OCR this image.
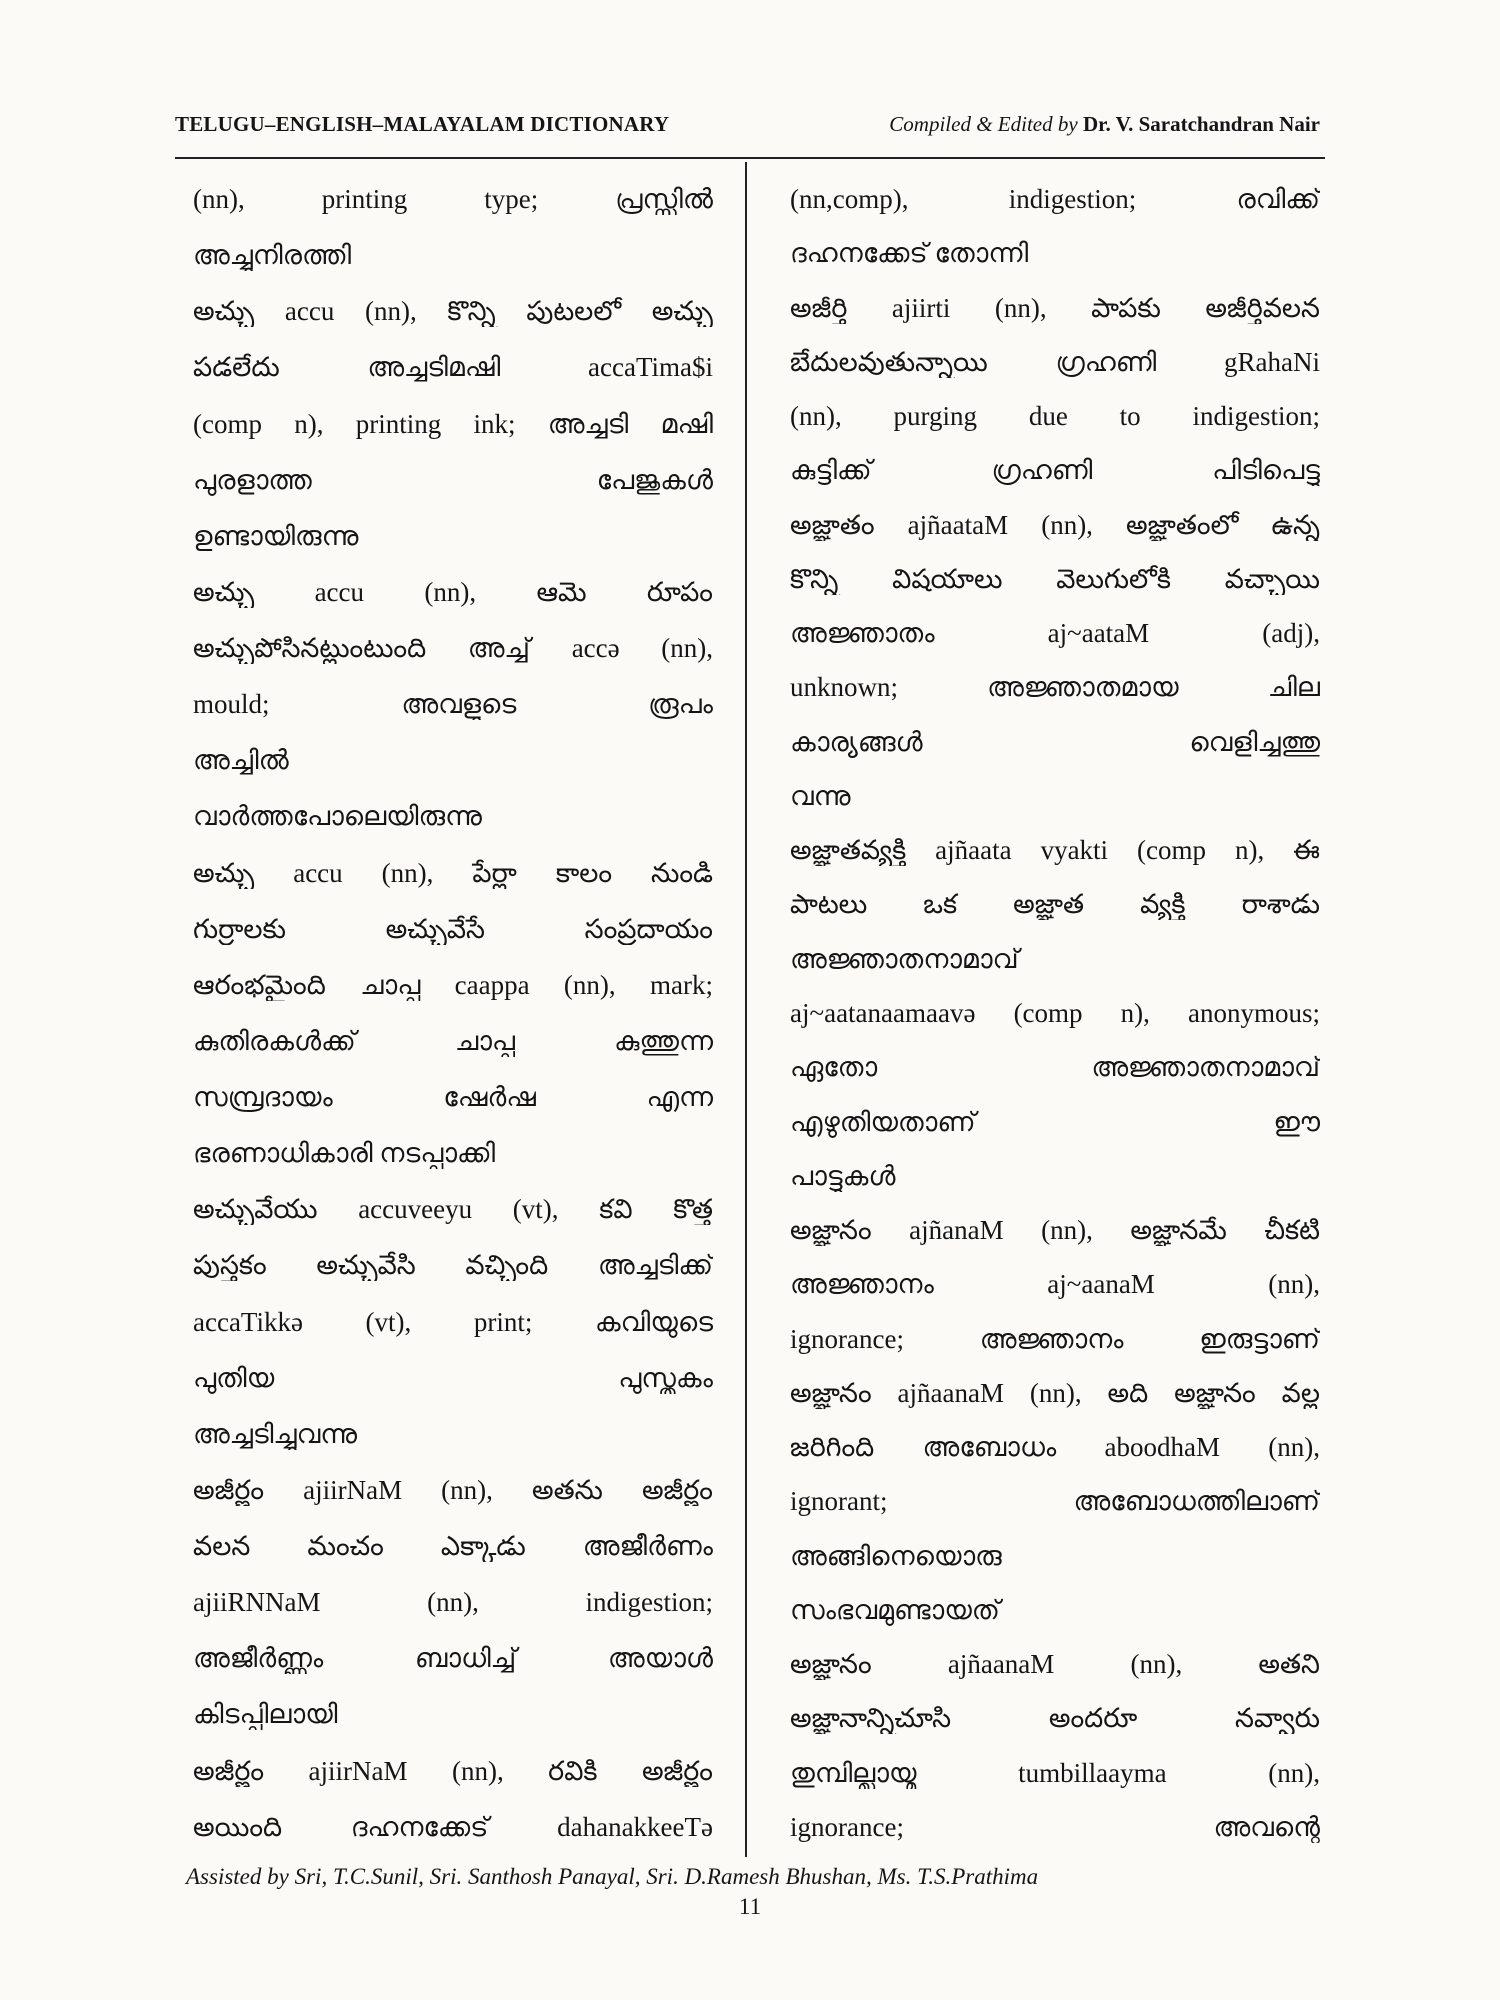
TELUGU–ENGLISH–MALAYALAM DICTIONARY	Compiled & Edited by Dr. V. Saratchandran Nair
(nn), printing type; പ്രസ്സിൽ
അച്ചുനിരത്തി
అచ్చు accu (nn), కొన్ని పుటలలో అచ్చు
పడలేదు അച്ചടിമഷി accaTima$i
(comp n), printing ink; അച്ചടി മഷി
പുരളാത്ത പേജുകൾ
ഉണ്ടായിരുന്നു
అచ్చు accu (nn), ఆమె రూపం
అచ్చుపోసినట్లుంటుంది അച്ച് accə (nn),
mould; അവളുടെ രൂപം
അച്ചിൽ
വാർത്തപോലെയിരുന്നു
అచ్చు accu (nn), పేర్లా కాలం నుండి
గుర్రాలకు అచ్చువేసే సంప్రదాయం
ఆరంభమైంది ചാപ്പ caappa (nn), mark;
കുതിരകൾക്ക് ചാപ്പ കുത്തുന്ന
സമ്പ്രദായം ഷേർഷ എന്ന
ഭരണാധികാരി നടപ്പാക്കി
అచ్చువేయు accuveeyu (vt), కవి కొత్త
పుస్తకం అచ్చువేసి వచ్చింది അച്ചടിക്ക്
accaTikkə (vt), print; കവിയുടെ
പുതിയ പുസ്തകം
അച്ചടിച്ചുവന്നു
అజీర్ణం ajiirNaM (nn), అతను అజీర్ణం
వలన మంచం ఎక్కాడు അജീർണം
ajiiRNNaM (nn), indigestion;
അജീർണ്ണം ബാധിച്ച് അയാൾ
കിടപ്പിലായി
అజీర్ణం ajiirNaM (nn), రవికి అజీర్ణం
అయింది ദഹനക്കേട് dahanakkeeTə
(nn,comp), indigestion; രവിക്ക്
ദഹനക്കേട് തോന്നി
అజీర్తి ajiirti (nn), పాపకు అజీర్తివలన
బేదులవుతున్నాయి ഗ്രഹണി gRahaNi
(nn), purging due to indigestion;
കുട്ടിക്ക് ഗ്രഹണി പിടിപെട്ടു
అజ్ఞాతం ajñaataM (nn), అజ్ఞాతంలో ఉన్న
కొన్ని విషయాలు వెలుగులోకి వచ్చాయి
അജ്ഞാതം aj~aataM (adj),
unknown; അജ്ഞാതമായ ചില
കാര്യങ്ങൾ വെളിച്ചത്തു
വന്നു
అజ్ఞాతవ్యక్తి ajñaata vyakti (comp n), ఈ
పాటలు ఒక అజ్ఞాత వ్యక్తి రాశాడు
അജ്ഞാതനാമാവ്
aj~aatanaamaavə (comp n), anonymous;
ഏതോ അജ്ഞാതനാമാവ്
എഴുതിയതാണ് ഈ
പാട്ടുകൾ
అజ్ఞానం ajñanaM (nn), అజ్ఞానమే చీకటి
അജ്ഞാനം aj~aanaM (nn),
ignorance; അജ്ഞാനം ഇരുട്ടാണ്
అజ్ఞానం ajñaanaM (nn), అది అజ్ఞానం వల్ల
జరిగింది അബോധം aboodhaM (nn),
ignorant; അബോധത്തിലാണ്
അങ്ങിനെയൊരു
സംഭവമുണ്ടായത്
అజ్ఞానం ajñaanaM (nn), అతని
అజ్ఞానాన్నిచూసి అందరూ నవ్వారు
തുമ്പില്ലായ്മ tumbillaayma (nn),
ignorance; അവന്റെ
Assisted by Sri, T.C.Sunil, Sri. Santhosh Panayal, Sri. D.Ramesh Bhushan, Ms. T.S.Prathima
11
